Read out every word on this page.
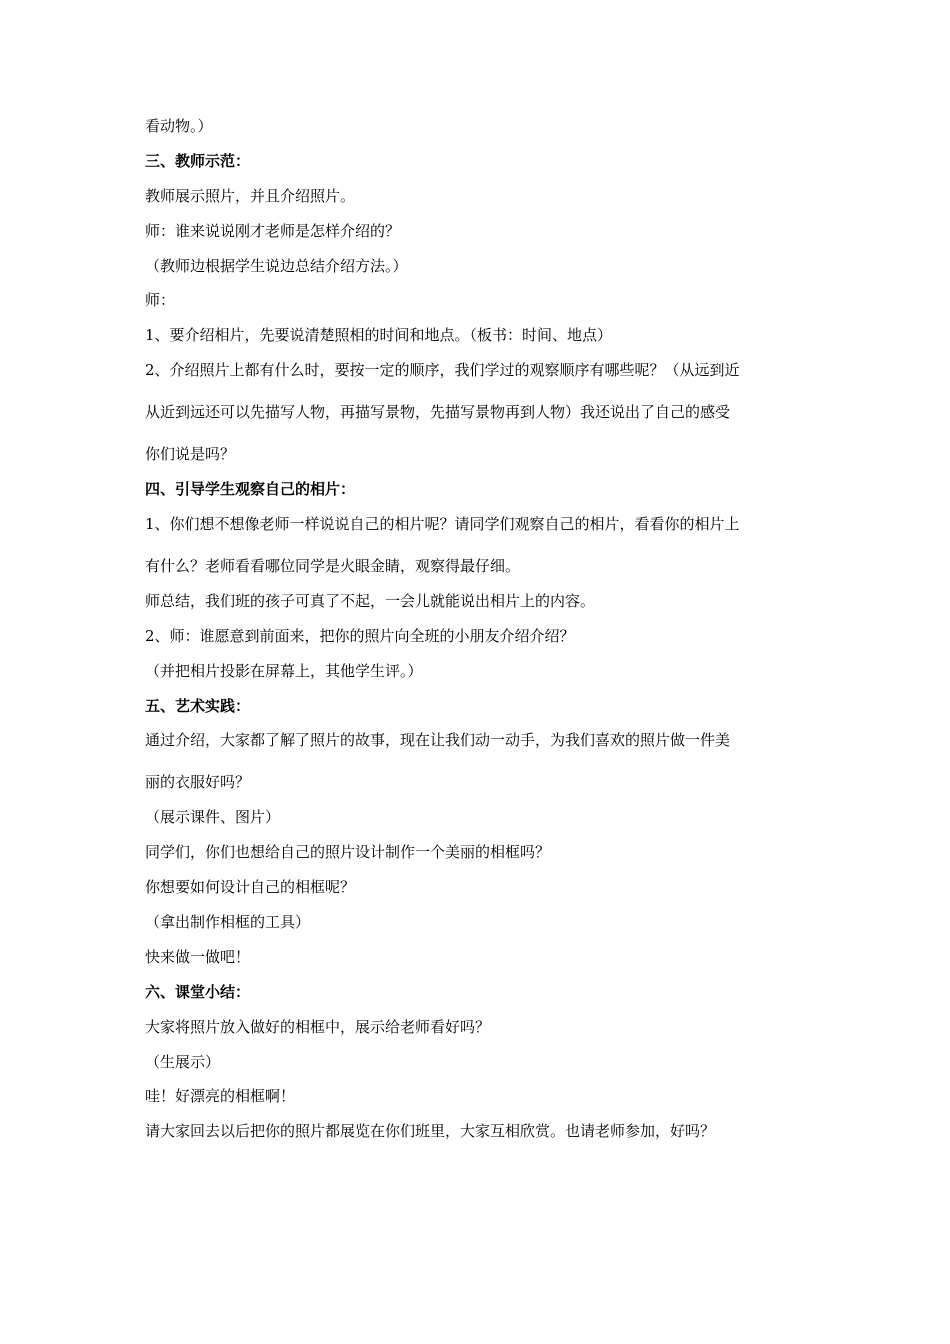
看动物。）
三、教师示范：
教师展示照片，并且介绍照片。
师：谁来说说刚才老师是怎样介绍的？
（教师边根据学生说边总结介绍方法。）
师：
1、要介绍相片，先要说清楚照相的时间和地点。（板书：时间、地点）
2、介绍照片上都有什么时，要按一定的顺序，我们学过的观察顺序有哪些呢？（从远到近
从近到远还可以先描写人物，再描写景物，先描写景物再到人物）我还说出了自己的感受
你们说是吗？
四、引导学生观察自己的相片：
1、你们想不想像老师一样说说自己的相片呢？请同学们观察自己的相片，看看你的相片上
有什么？老师看看哪位同学是火眼金睛，观察得最仔细。
师总结，我们班的孩子可真了不起，一会儿就能说出相片上的内容。
2、师：谁愿意到前面来，把你的照片向全班的小朋友介绍介绍？
（并把相片投影在屏幕上，其他学生评。）
五、艺术实践：
通过介绍，大家都了解了照片的故事，现在让我们动一动手，为我们喜欢的照片做一件美
丽的衣服好吗？
（展示课件、图片）
同学们，你们也想给自己的照片设计制作一个美丽的相框吗？
你想要如何设计自己的相框呢？
（拿出制作相框的工具）
快来做一做吧！
六、课堂小结：
大家将照片放入做好的相框中，展示给老师看好吗？
（生展示）
哇！好漂亮的相框啊！
请大家回去以后把你的照片都展览在你们班里，大家互相欣赏。也请老师参加，好吗？
